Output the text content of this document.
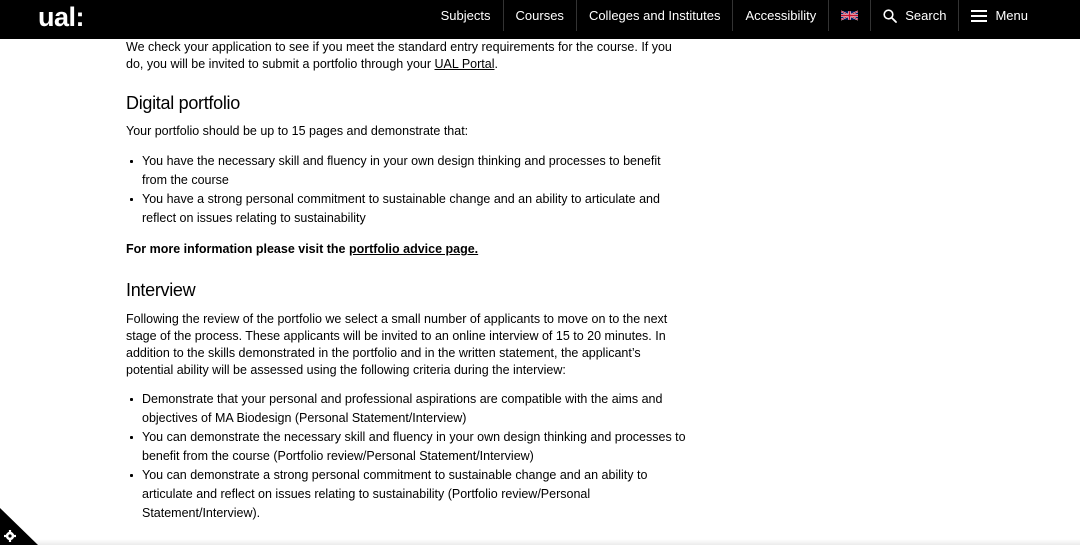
ual:	Subjects	Courses	Colleges and Institutes	Accessibility	Search	Menu

We check your application to see if you meet the standard entry requirements for the course. If you do, you will be invited to submit a portfolio through your UAL Portal.

Digital portfolio

Your portfolio should be up to 15 pages and demonstrate that:

You have the necessary skill and fluency in your own design thinking and processes to benefit from the course
You have a strong personal commitment to sustainable change and an ability to articulate and reflect on issues relating to sustainability

For more information please visit the portfolio advice page.

Interview

Following the review of the portfolio we select a small number of applicants to move on to the next stage of the process. These applicants will be invited to an online interview of 15 to 20 minutes. In addition to the skills demonstrated in the portfolio and in the written statement, the applicant’s potential ability will be assessed using the following criteria during the interview:

Demonstrate that your personal and professional aspirations are compatible with the aims and objectives of MA Biodesign (Personal Statement/Interview)
You can demonstrate the necessary skill and fluency in your own design thinking and processes to benefit from the course (Portfolio review/Personal Statement/Interview)
You can demonstrate a strong personal commitment to sustainable change and an ability to articulate and reflect on issues relating to sustainability (Portfolio review/Personal Statement/Interview).
